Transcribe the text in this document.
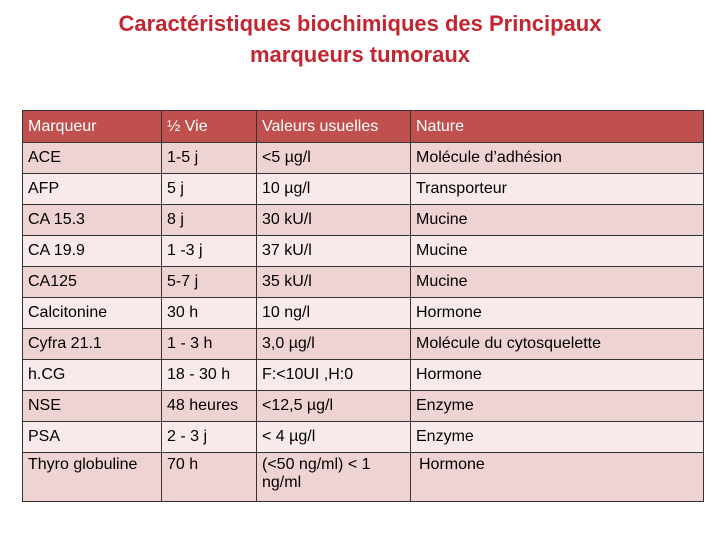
Caractéristiques biochimiques des Principaux
marqueurs tumoraux
Marqueur	½ Vie	Valeurs usuelles	Nature
ACE	1-5 j	<5 µg/l	Molécule d’adhésion
AFP	5 j	10 µg/l	Transporteur
CA 15.3	8 j	30 kU/l	Mucine
CA 19.9	1 -3 j	37 kU/l	Mucine
CA125	5-7 j	35 kU/l	Mucine
Calcitonine	30 h	10 ng/l	Hormone
Cyfra 21.1	1 - 3 h	3,0 µg/l	Molécule du cytosquelette
h.CG	18 - 30 h	F:<10UI ,H:0	Hormone
NSE	48 heures	<12,5 µg/l	Enzyme
PSA	2 - 3 j	< 4 µg/l	Enzyme
Thyro globuline	70 h	(<50 ng/ml) < 1 ng/ml	Hormone
